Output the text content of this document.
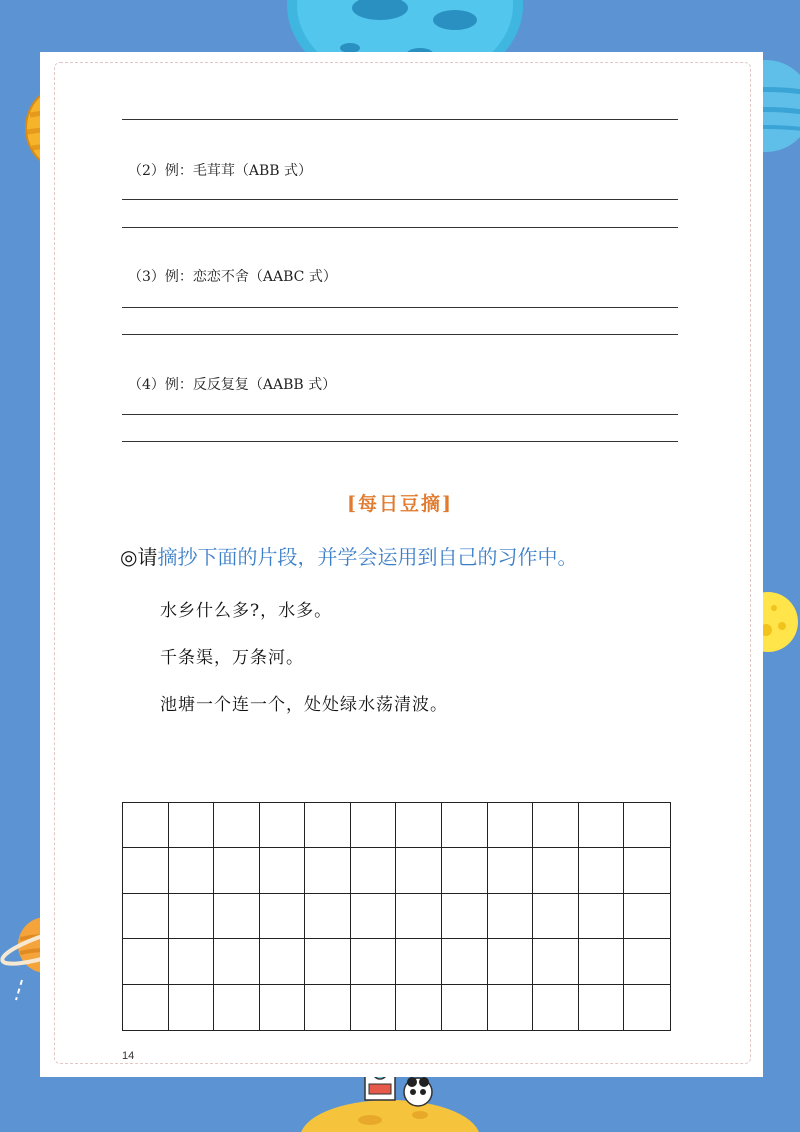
（2）例：毛茸茸（ABB 式）
（3）例：恋恋不舍（AABC 式）
（4）例：反反复复（AABB 式）
[每日豆摘]
◎请摘抄下面的片段，并学会运用到自己的习作中。
水乡什么多?，水多。
千条渠，万条河。
池塘一个连一个，处处绿水荡清波。
14
